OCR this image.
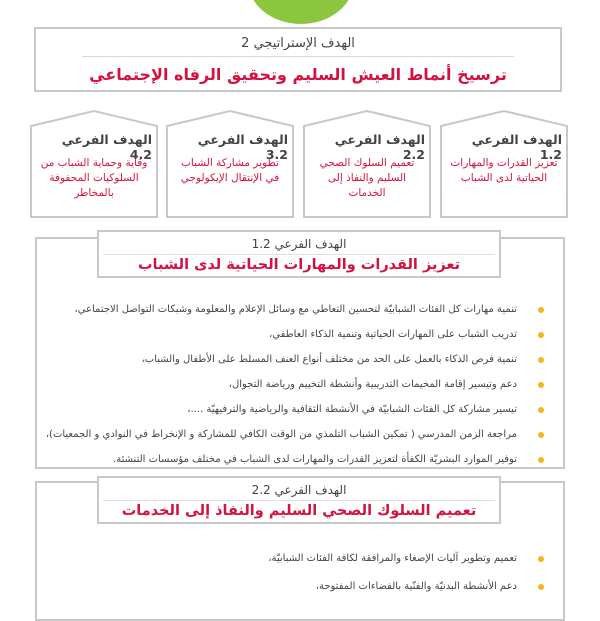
الهدف الإستراتيجي 2
ترسيخ أنماط العيش السليم وتحقيق الرفاه الإجتماعي
الهدف الفرعي 1.2
تعزيز القدرات والمهارات الحياتية لدى الشباب
الهدف الفرعي 2.2
تعميم السلوك الصحي السليم والنفاذ إلى الخدمات
الهدف الفرعي 3.2
تطوير مشاركة الشباب في الإنتقال الإيكولوجي
الهدف الفرعي 4.2
وقاية وحماية الشباب من السلوكيات المحفوفة بالمخاطر
تنمية مهارات كل الفئات الشبابيّة لتحسين التعاطي مع وسائل الإعلام والمعلومة وشبكات التواصل الاجتماعي،
تدريب الشباب على المهارات الحياتية وتنمية الذكاء العاطفي،
تنمية فرص الذكاء بالعمل على الحد من مختلف أنواع العنف المسلط على الأطفال والشباب،
دعم وتيسير إقامة المخيمات التدريبية وأنشطة التخييم ورياضة التجوال،
تيسير مشاركة كل الفئات الشبابيّة في الأنشطة الثقافية والرياضية والترفيهيّة ....،
مراجعة الزمن المدرسي ( تمكين الشباب التلمذي من الوقت الكافي للمشاركة و الإنخراط في النوادي و الجمعيات)،
توفير الموارد البشريّة الكفأة لتعزيز القدرات والمهارات لدى الشباب في مختلف مؤسسات التنشئة.
الهدف الفرعي 1.2
تعزيز القدرات والمهارات الحياتية لدى الشباب
تعميم وتطوير آليات الإصغاء والمرافقة لكافة الفئات الشبابيّة،
دعم الأنشطة البدنيّة والفنّية بالفضاءات المفتوحة،
الهدف الفرعي 2.2
تعميم السلوك الصحي السليم والنفاذ إلى الخدمات
